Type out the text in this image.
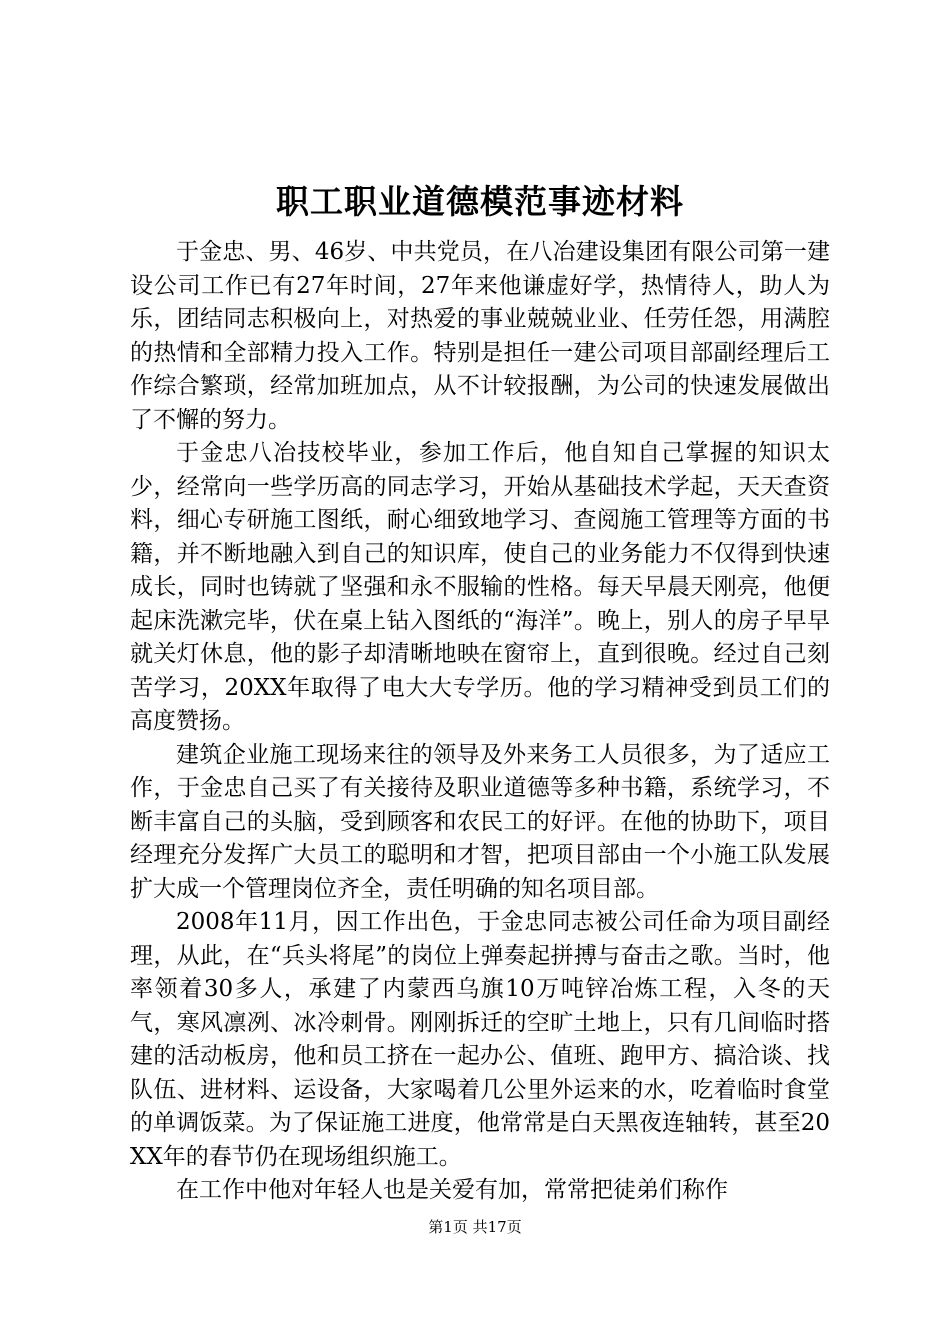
职工职业道德模范事迹材料

于金忠、男、46岁、中共党员，在八冶建设集团有限公司第一建设公司工作已有27年时间，27年来他谦虚好学，热情待人，助人为乐，团结同志积极向上，对热爱的事业兢兢业业、任劳任怨，用满腔的热情和全部精力投入工作。特别是担任一建公司项目部副经理后工作综合繁琐，经常加班加点，从不计较报酬，为公司的快速发展做出了不懈的努力。

于金忠八冶技校毕业，参加工作后，他自知自己掌握的知识太少，经常向一些学历高的同志学习，开始从基础技术学起，天天查资料，细心专研施工图纸，耐心细致地学习、查阅施工管理等方面的书籍，并不断地融入到自己的知识库，使自己的业务能力不仅得到快速成长，同时也铸就了坚强和永不服输的性格。每天早晨天刚亮，他便起床洗漱完毕，伏在桌上钻入图纸的“海洋”。晚上，别人的房子早早就关灯休息，他的影子却清晰地映在窗帘上，直到很晚。经过自己刻苦学习，20XX年取得了电大大专学历。他的学习精神受到员工们的高度赞扬。

建筑企业施工现场来往的领导及外来务工人员很多，为了适应工作，于金忠自己买了有关接待及职业道德等多种书籍，系统学习，不断丰富自己的头脑，受到顾客和农民工的好评。在他的协助下，项目经理充分发挥广大员工的聪明和才智，把项目部由一个小施工队发展扩大成一个管理岗位齐全，责任明确的知名项目部。

2008年11月，因工作出色，于金忠同志被公司任命为项目副经理，从此，在“兵头将尾”的岗位上弹奏起拼搏与奋击之歌。当时，他率领着30多人，承建了内蒙西乌旗10万吨锌冶炼工程，入冬的天气，寒风凛冽、冰冷刺骨。刚刚拆迁的空旷土地上，只有几间临时搭建的活动板房，他和员工挤在一起办公、值班、跑甲方、搞洽谈、找队伍、进材料、运设备，大家喝着几公里外运来的水，吃着临时食堂的单调饭菜。为了保证施工进度，他常常是白天黑夜连轴转，甚至20XX年的春节仍在现场组织施工。

在工作中他对年轻人也是关爱有加，常常把徒弟们称作

第1页 共17页
